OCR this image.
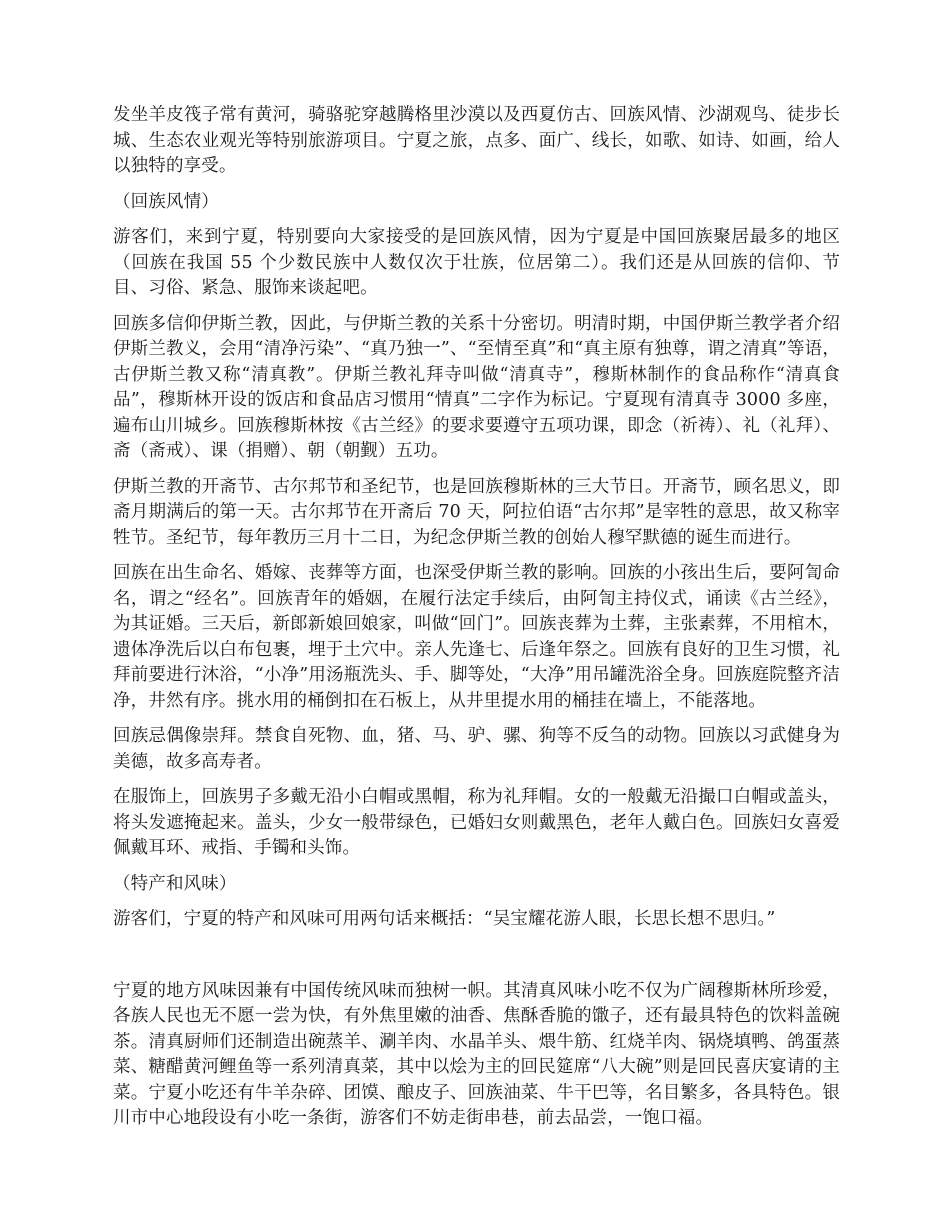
发坐羊皮筏子常有黄河，骑骆驼穿越腾格里沙漠以及西夏仿古、回族风情、沙湖观鸟、徒步长城、生态农业观光等特别旅游项目。宁夏之旅，点多、面广、线长，如歌、如诗、如画，给人以独特的享受。

（回族风情）

游客们，来到宁夏，特别要向大家接受的是回族风情，因为宁夏是中国回族聚居最多的地区（回族在我国 55 个少数民族中人数仅次于壮族，位居第二）。我们还是从回族的信仰、节目、习俗、紧急、服饰来谈起吧。

回族多信仰伊斯兰教，因此，与伊斯兰教的关系十分密切。明清时期，中国伊斯兰教学者介绍伊斯兰教义，会用“清净污染”、“真乃独一”、“至情至真”和“真主原有独尊，谓之清真”等语，古伊斯兰教又称“清真教”。伊斯兰教礼拜寺叫做“清真寺”，穆斯林制作的食品称作“清真食品”，穆斯林开设的饭店和食品店习惯用“情真”二字作为标记。宁夏现有清真寺 3000 多座，遍布山川城乡。回族穆斯林按《古兰经》的要求要遵守五项功课，即念（祈祷）、礼（礼拜）、斋（斋戒）、课（捐赠）、朝（朝觐）五功。

伊斯兰教的开斋节、古尔邦节和圣纪节，也是回族穆斯林的三大节日。开斋节，顾名思义，即斋月期满后的第一天。古尔邦节在开斋后 70 天，阿拉伯语“古尔邦”是宰牲的意思，故又称宰牲节。圣纪节，每年教历三月十二日，为纪念伊斯兰教的创始人穆罕默德的诞生而进行。

回族在出生命名、婚嫁、丧葬等方面，也深受伊斯兰教的影响。回族的小孩出生后，要阿訇命名，谓之“经名”。回族青年的婚姻，在履行法定手续后，由阿訇主持仪式，诵读《古兰经》，为其证婚。三天后，新郎新娘回娘家，叫做“回门”。回族丧葬为土葬，主张素葬，不用棺木，遗体净洗后以白布包裹，埋于土穴中。亲人先逢七、后逢年祭之。回族有良好的卫生习惯，礼拜前要进行沐浴，“小净”用汤瓶洗头、手、脚等处，“大净”用吊罐洗浴全身。回族庭院整齐洁净，井然有序。挑水用的桶倒扣在石板上，从井里提水用的桶挂在墙上，不能落地。

回族忌偶像崇拜。禁食自死物、血，猪、马、驴、骡、狗等不反刍的动物。回族以习武健身为美德，故多高寿者。

在服饰上，回族男子多戴无沿小白帽或黑帽，称为礼拜帽。女的一般戴无沿撮口白帽或盖头，将头发遮掩起来。盖头，少女一般带绿色，已婚妇女则戴黑色，老年人戴白色。回族妇女喜爱佩戴耳环、戒指、手镯和头饰。

（特产和风味）

游客们，宁夏的特产和风味可用两句话来概括：“吴宝耀花游人眼，长思长想不思归。”

宁夏的地方风味因兼有中国传统风味而独树一帜。其清真风味小吃不仅为广阔穆斯林所珍爱，各族人民也无不愿一尝为快，有外焦里嫩的油香、焦酥香脆的馓子，还有最具特色的饮料盖碗茶。清真厨师们还制造出碗蒸羊、涮羊肉、水晶羊头、煨牛筋、红烧羊肉、锅烧填鸭、鸽蛋蒸菜、糖醋黄河鲤鱼等一系列清真菜，其中以烩为主的回民筵席“八大碗”则是回民喜庆宴请的主菜。宁夏小吃还有牛羊杂碎、团馍、酿皮子、回族油菜、牛干巴等，名目繁多，各具特色。银川市中心地段设有小吃一条街，游客们不妨走街串巷，前去品尝，一饱口福。
